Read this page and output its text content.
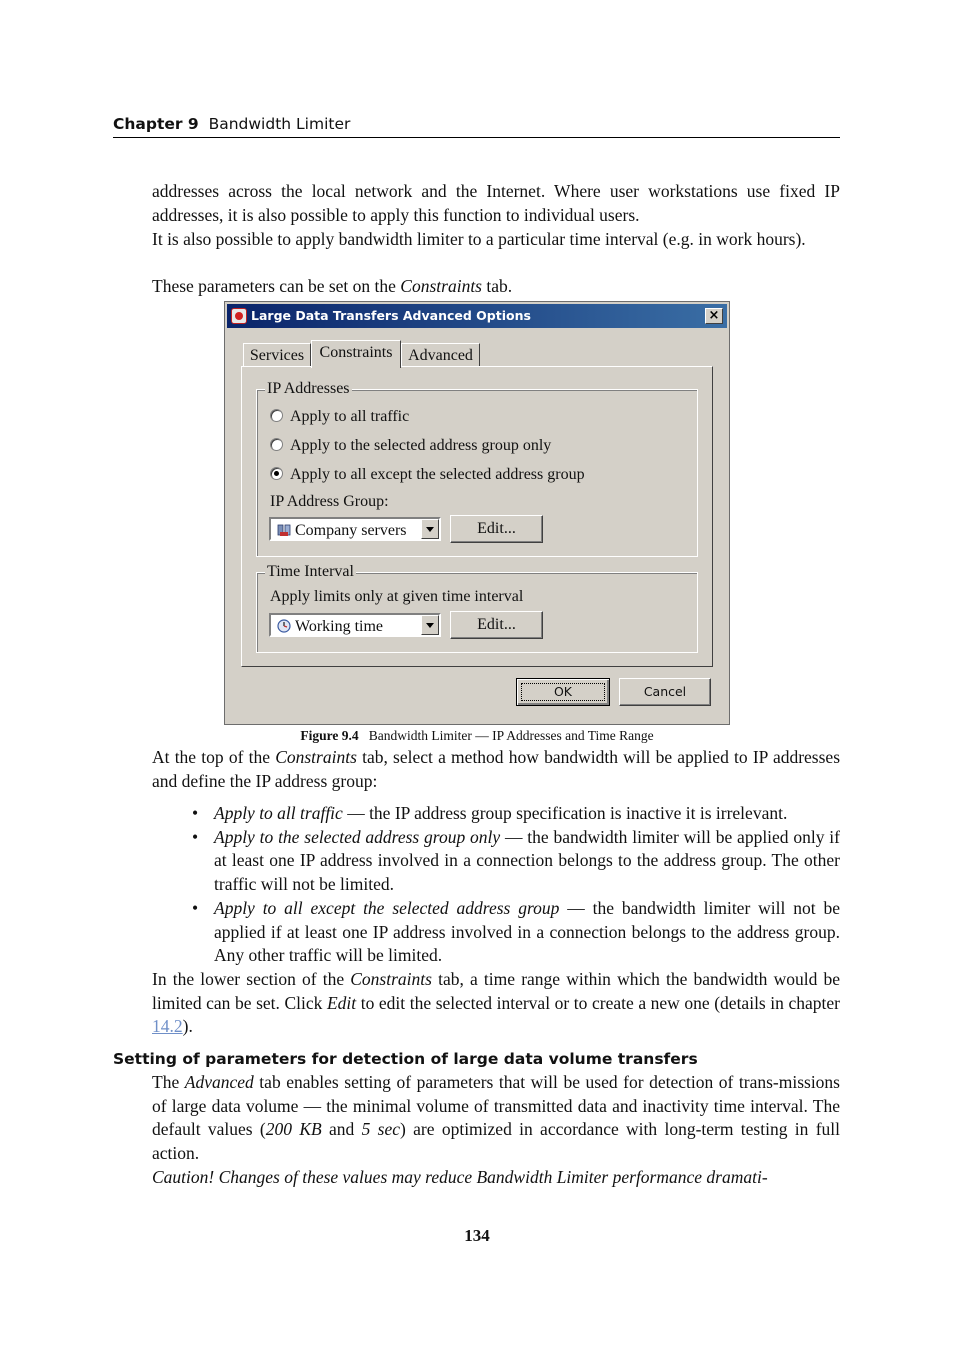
Chapter 9 Bandwidth Limiter
addresses across the local network and the Internet. Where user workstations use fixed IP addresses, it is also possible to apply this function to individual users.
It is also possible to apply bandwidth limiter to a particular time interval (e.g. in work hours).
These parameters can be set on the Constraints tab.
Large Data Transfers Advanced Options	×
Services Constraints Advanced
IP Addresses
Apply to all traffic
Apply to the selected address group only
Apply to all except the selected address group
IP Address Group:
Company servers	Edit...
Time Interval
Apply limits only at given time interval
Working time	Edit...
OK	Cancel
Figure 9.4 Bandwidth Limiter — IP Addresses and Time Range
At the top of the Constraints tab, select a method how bandwidth will be applied to IP addresses and define the IP address group:
• Apply to all traffic — the IP address group specification is inactive it is irrelevant.
• Apply to the selected address group only — the bandwidth limiter will be applied only if at least one IP address involved in a connection belongs to the address group. The other traffic will not be limited.
• Apply to all except the selected address group — the bandwidth limiter will not be applied if at least one IP address involved in a connection belongs to the address group. Any other traffic will be limited.
In the lower section of the Constraints tab, a time range within which the bandwidth would be limited can be set. Click Edit to edit the selected interval or to create a new one (details in chapter 14.2).
Setting of parameters for detection of large data volume transfers
The Advanced tab enables setting of parameters that will be used for detection of trans-missions of large data volume — the minimal volume of transmitted data and inactivity time interval. The default values (200 KB and 5 sec) are optimized in accordance with long-term testing in full action.
Caution! Changes of these values may reduce Bandwidth Limiter performance dramati-
134
